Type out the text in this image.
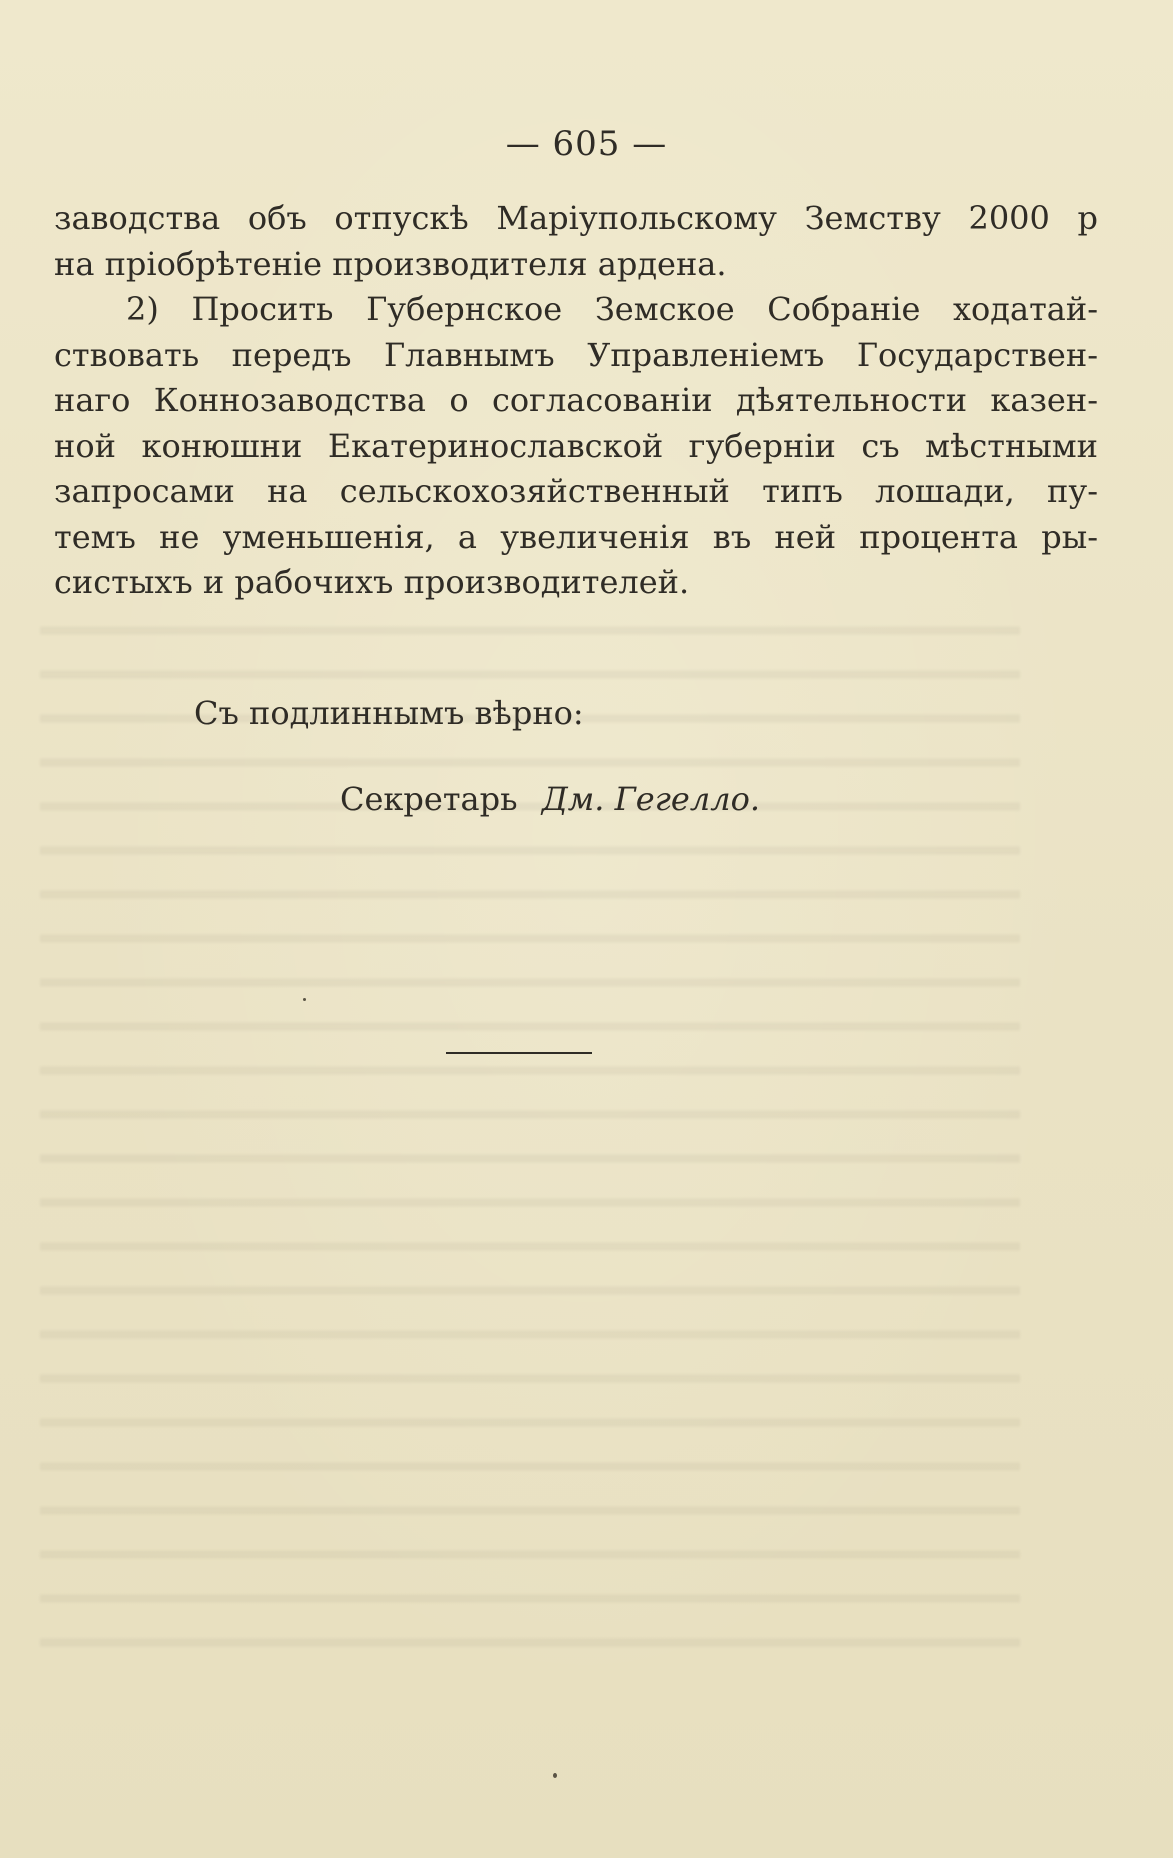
— 605 —
заводства объ отпускѣ Маріупольскому Земству 2000 р
на пріобрѣтеніе производителя ардена.
2) Просить Губернское Земское Собраніе ходатай-
ствовать передъ Главнымъ Управленіемъ Государствен-
наго Коннозаводства о согласованіи дѣятельности казен-
ной конюшни Екатеринославской губерніи съ мѣстными
запросами на сельскохозяйственный типъ лошади, пу-
темъ не уменьшенія, а увеличенія въ ней процента ры-
систыхъ и рабочихъ производителей.
Съ подлиннымъ вѣрно:
Секретарь Дм. Гегелло.
